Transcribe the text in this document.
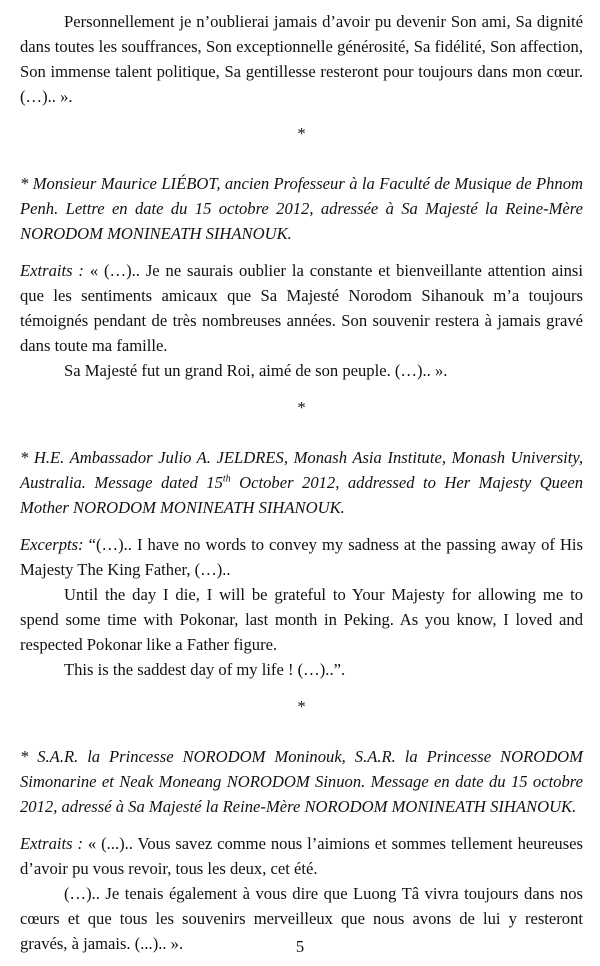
Personnellement je n’oublierai jamais d’avoir pu devenir Son ami, Sa dignité dans toutes les souffrances, Son exceptionnelle générosité, Sa fidélité, Son affection, Son immense talent politique, Sa gentillesse resteront pour toujours dans mon cœur. (…).. ».

*

* Monsieur Maurice LIÉBOT, ancien Professeur à la Faculté de Musique de Phnom Penh. Lettre en date du 15 octobre 2012, adressée à Sa Majesté la Reine-Mère NORODOM MONINEATH SIHANOUK.

Extraits : « (…).. Je ne saurais oublier la constante et bienveillante attention ainsi que les sentiments amicaux que Sa Majesté Norodom Sihanouk m’a toujours témoignés pendant de très nombreuses années. Son souvenir restera à jamais gravé dans toute ma famille.

Sa Majesté fut un grand Roi, aimé de son peuple. (…).. ».

*

* H.E. Ambassador Julio A. JELDRES, Monash Asia Institute, Monash University, Australia. Message dated 15th October 2012, addressed to Her Majesty Queen Mother NORODOM MONINEATH SIHANOUK.

Excerpts: “(…).. I have no words to convey my sadness at the passing away of His Majesty The King Father, (…)..

Until the day I die, I will be grateful to Your Majesty for allowing me to spend some time with Pokonar, last month in Peking. As you know, I loved and respected Pokonar like a Father figure.

This is the saddest day of my life ! (…)..”.

*

* S.A.R. la Princesse NORODOM Moninouk, S.A.R. la Princesse NORODOM Simonarine et Neak Moneang NORODOM Sinuon. Message en date du 15 octobre 2012, adressé à Sa Majesté la Reine-Mère NORODOM MONINEATH SIHANOUK.

Extraits : « (...).. Vous savez comme nous l’aimions et sommes tellement heureuses d’avoir pu vous revoir, tous les deux, cet été.

(…).. Je tenais également à vous dire que Luong Tâ vivra toujours dans nos cœurs et que tous les souvenirs merveilleux que nous avons de lui y resteront gravés, à jamais. (...).. ».	5
